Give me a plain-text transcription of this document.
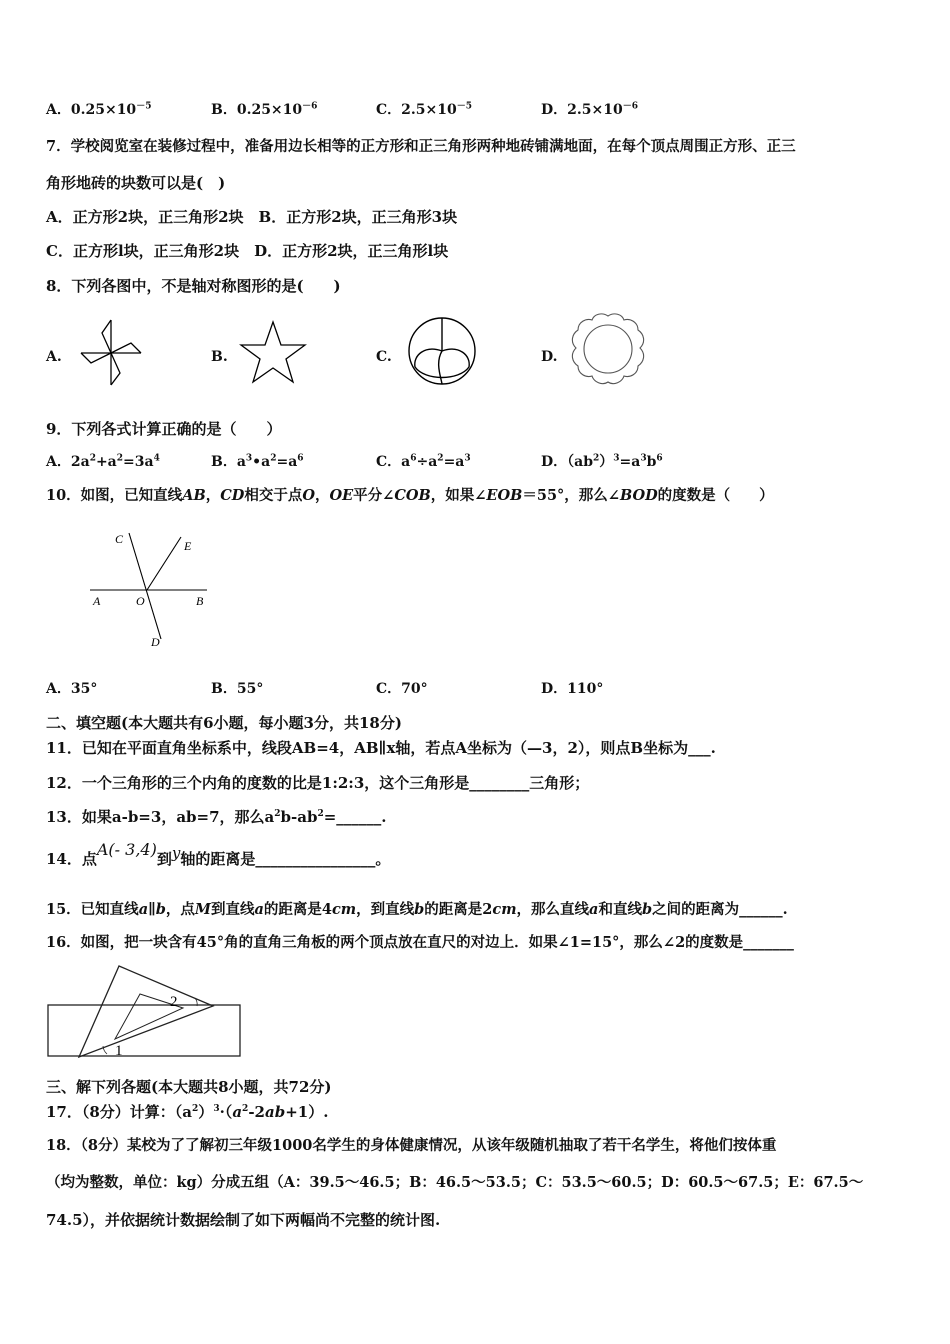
A．$0.25\times 10^{-5}$	B．$0.25\times 10^{-6}$	C．$2.5\times 10^{-5}$	D．$2.5\times 10^{-6}$
7．学校阅览室在装修过程中，准备用边长相等的正方形和正三角形两种地砖铺满地面，在每个顶点周围正方形、正三
角形地砖的块数可以是(　)
A．正方形2块，正三角形2块　B．正方形2块，正三角形3块
C．正方形l块，正三角形2块　D．正方形2块，正三角形l块
8．下列各图中，不是轴对称图形的是(　　)
A.	B.	C.	D.
9．下列各式计算正确的是（　　）
A．$2a^2+a^2=3a^4$	B．$a^3•a^2=a^6$	C．$a^6\div a^2=a^3$	D．$(ab^2)^3=a^3b^6$
10．如图，已知直线AB，CD相交于点O，OE平分∠COB，如果∠EOB＝55°，那么∠BOD的度数是（　　）
C	E
A	O	B
D
A．35°	B．55°	C．70°	D．110°
二、填空题(本大题共有6小题，每小题3分，共18分)
11．已知在平面直角坐标系中，线段AB=4，AB∥x轴，若点A坐标为（—3，2），则点B坐标为___.
12．一个三角形的三个内角的度数的比是1:2:3，这个三角形是________三角形；
13．如果a-b=3，ab=7，那么$a^2b-ab^2=\_\_\_\_\_\_$.
14．点A(- 3,4)到y轴的距离是________________。
15．已知直线a∥b，点M到直线a的距离是4cm，到直线b的距离是2cm，那么直线a和直线b之间的距离为______.
16．如图，把一块含有45°角的直角三角板的两个顶点放在直尺的对边上．如果∠1=15°，那么∠2的度数是_______
1
2
三、解下列各题(本大题共8小题，共72分)
17．（8分）计算：$(a^2)^3\cdot(a^2-2ab+1)$.
18．（8分）某校为了了解初三年级1000名学生的身体健康情况，从该年级随机抽取了若干名学生，将他们按体重
（均为整数，单位：kg）分成五组（A：39.5～46.5；B：46.5～53.5；C：53.5～60.5；D：60.5～67.5；E：67.5～
74.5），并依据统计数据绘制了如下两幅尚不完整的统计图.
